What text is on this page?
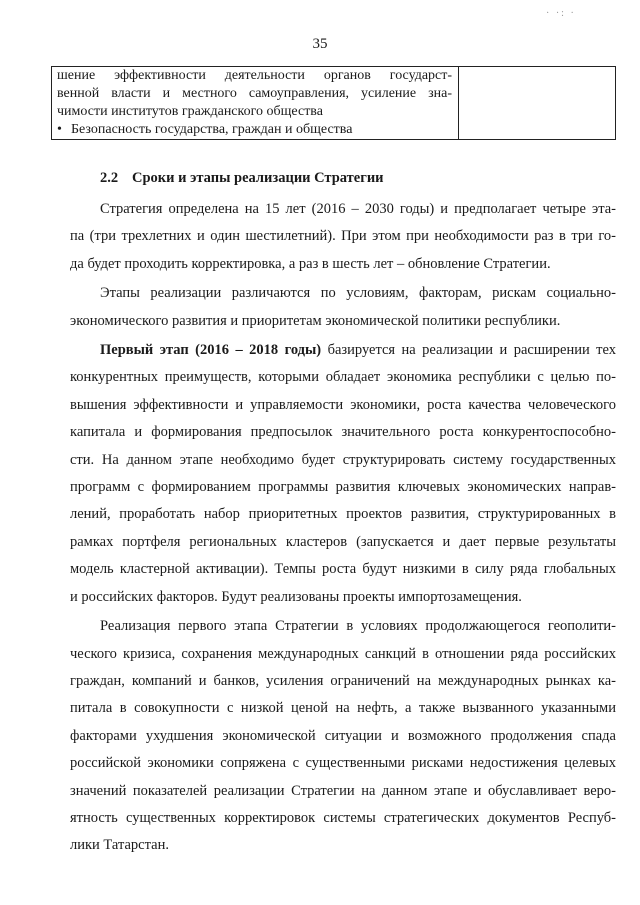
· ·: ·
35
шение эффективности деятельности органов государст-
венной власти и местного самоуправления, усиление зна-
чимости институтов гражданского общества
• Безопасность государства, граждан и общества

2.2 Сроки и этапы реализации Стратегии
Стратегия определена на 15 лет (2016 – 2030 годы) и предполагает четыре эта-
па (три трехлетних и один шестилетний). При этом при необходимости раз в три го-
да будет проходить корректировка, а раз в шесть лет – обновление Стратегии.
Этапы реализации различаются по условиям, факторам, рискам социально-
экономического развития и приоритетам экономической политики республики.
Первый этап (2016 – 2018 годы) базируется на реализации и расширении тех
конкурентных преимуществ, которыми обладает экономика республики с целью по-
вышения эффективности и управляемости экономики, роста качества человеческого
капитала и формирования предпосылок значительного роста конкурентоспособно-
сти. На данном этапе необходимо будет структурировать систему государственных
программ с формированием программы развития ключевых экономических направ-
лений, проработать набор приоритетных проектов развития, структурированных в
рамках портфеля региональных кластеров (запускается и дает первые результаты
модель кластерной активации). Темпы роста будут низкими в силу ряда глобальных
и российских факторов. Будут реализованы проекты импортозамещения.
Реализация первого этапа Стратегии в условиях продолжающегося геополити-
ческого кризиса, сохранения международных санкций в отношении ряда российских
граждан, компаний и банков, усиления ограничений на международных рынках ка-
питала в совокупности с низкой ценой на нефть, а также вызванного указанными
факторами ухудшения экономической ситуации и возможного продолжения спада
российской экономики сопряжена с существенными рисками недостижения целевых
значений показателей реализации Стратегии на данном этапе и обуславливает веро-
ятность существенных корректировок системы стратегических документов Респуб-
лики Татарстан.
